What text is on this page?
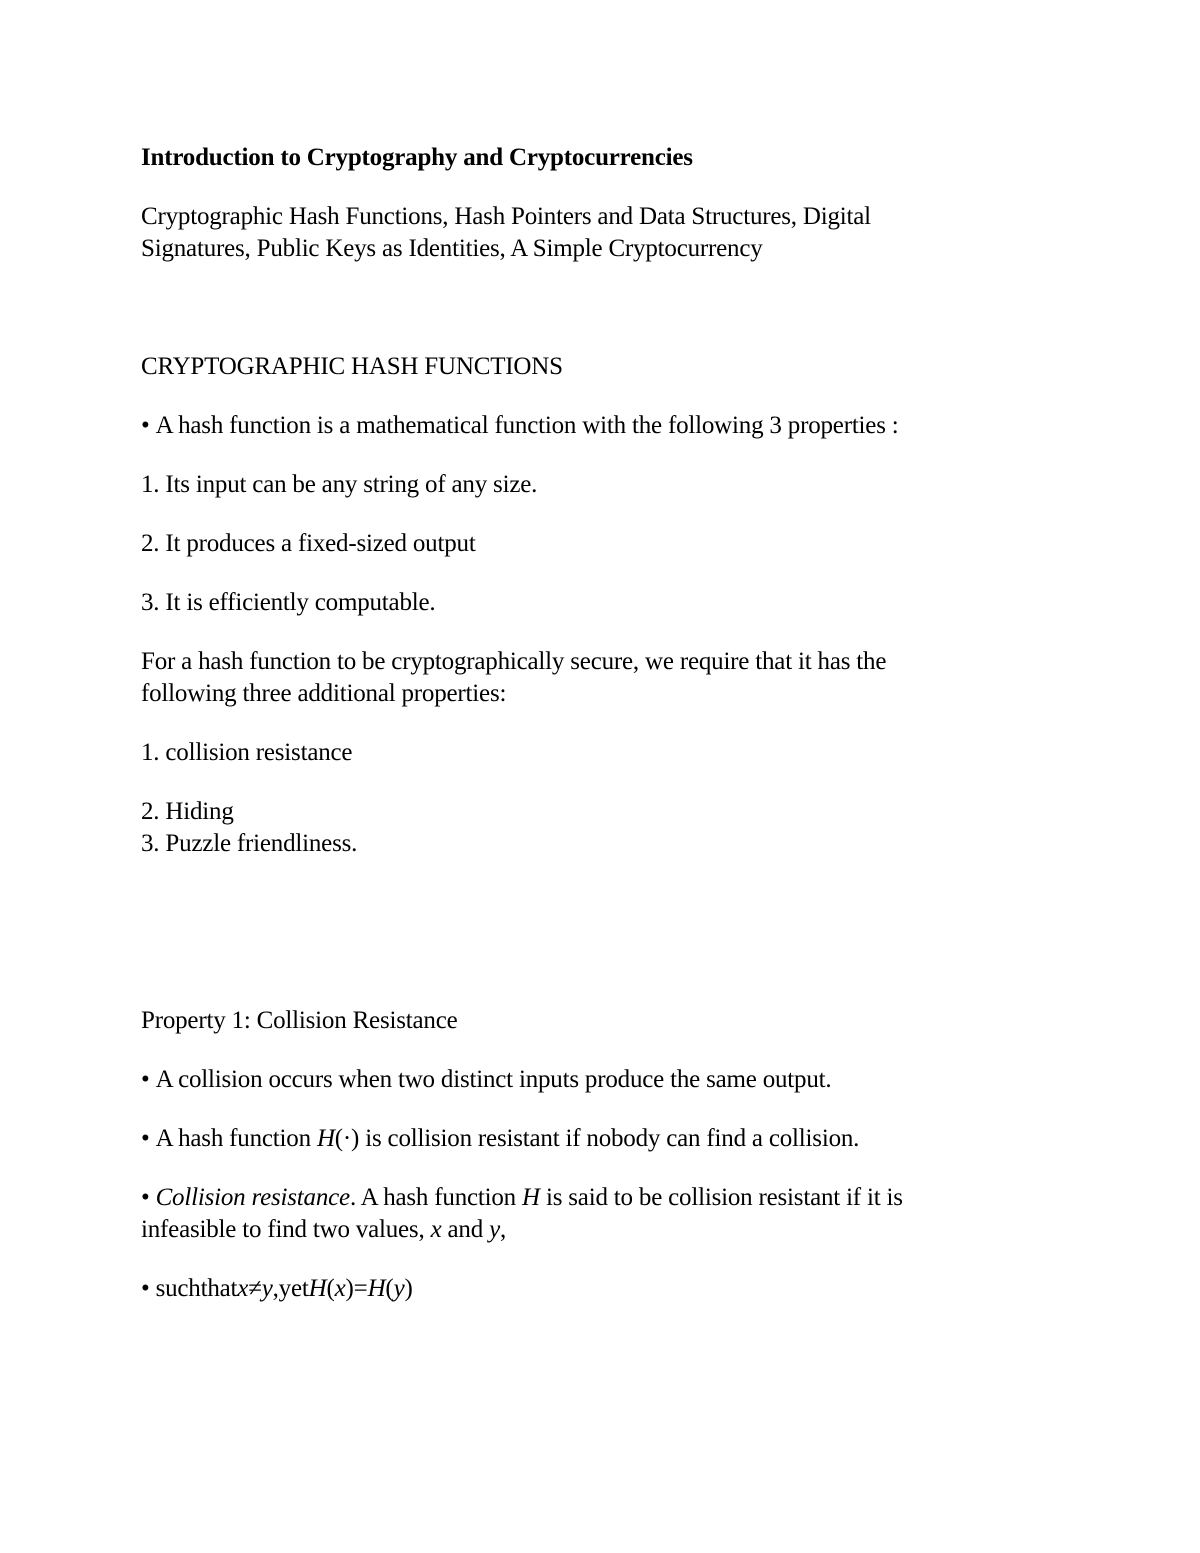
Introduction to Cryptography and Cryptocurrencies
Cryptographic Hash Functions, Hash Pointers and Data Structures, Digital
Signatures, Public Keys as Identities, A Simple Cryptocurrency
CRYPTOGRAPHIC HASH FUNCTIONS
• A hash function is a mathematical function with the following 3 properties :
1. Its input can be any string of any size.
2. It produces a fixed-sized output
3. It is efficiently computable.
For a hash function to be cryptographically secure, we require that it has the
following three additional properties:
1. collision resistance
2. Hiding
3. Puzzle friendliness.
Property 1: Collision Resistance
• A collision occurs when two distinct inputs produce the same output.
• A hash function H(·) is collision resistant if nobody can find a collision.
• Collision resistance. A hash function H is said to be collision resistant if it is
infeasible to find two values, x and y,
• suchthatx≠y,yetH(x)=H(y)
